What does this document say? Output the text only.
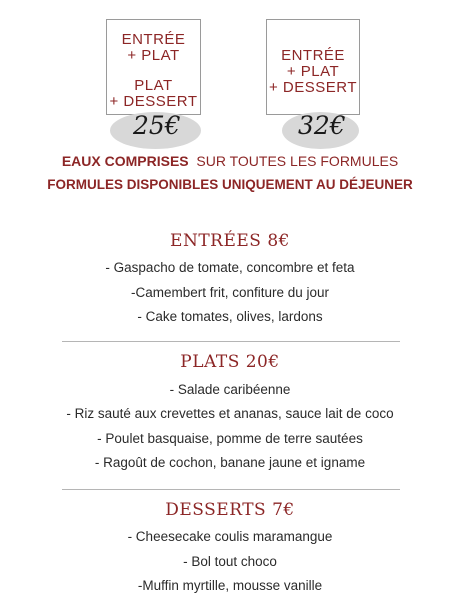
ENTRÉE
+ PLAT
PLAT
+ DESSERT
25€
ENTRÉE
+ PLAT
+ DESSERT
32€
EAUX COMPRISES SUR TOUTES LES FORMULES
FORMULES DISPONIBLES UNIQUEMENT AU DÉJEUNER
ENTRÉES 8€
- Gaspacho de tomate, concombre et feta
-Camembert frit, confiture du jour
- Cake tomates, olives, lardons
PLATS 20€
- Salade caribéenne
- Riz sauté aux crevettes et ananas, sauce lait de coco
- Poulet basquaise, pomme de terre sautées
- Ragoût de cochon, banane jaune et igname
DESSERTS 7€
- Cheesecake coulis maramangue
- Bol tout choco
-Muffin myrtille, mousse vanille
